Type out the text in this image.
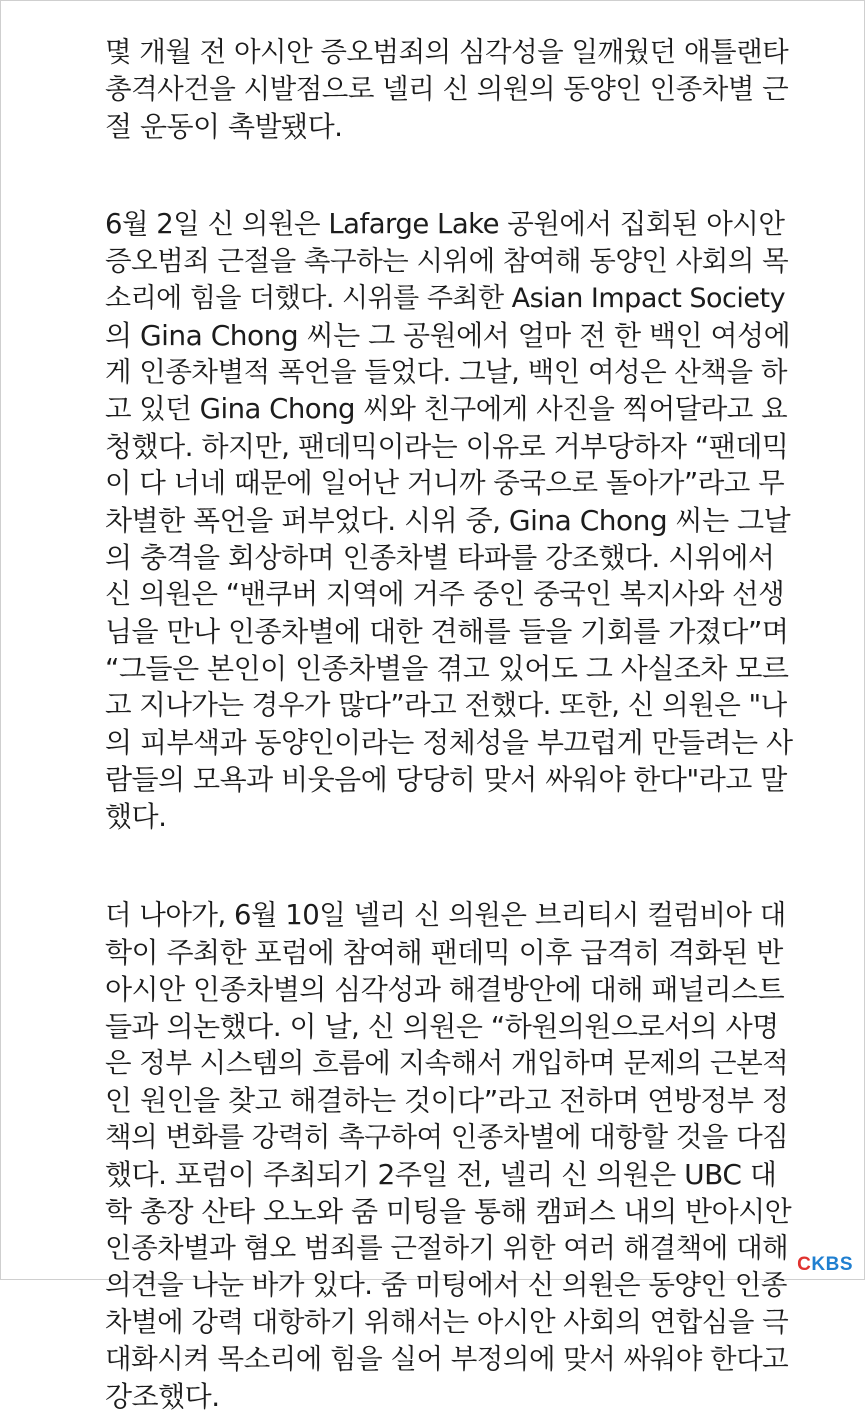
몇 개월 전 아시안 증오범죄의 심각성을 일깨웠던 애틀랜타
총격사건을 시발점으로 넬리 신 의원의 동양인 인종차별 근
절 운동이 촉발됐다.
6월 2일 신 의원은 Lafarge Lake 공원에서 집회된 아시안
증오범죄 근절을 촉구하는 시위에 참여해 동양인 사회의 목
소리에 힘을 더했다. 시위를 주최한 Asian Impact Society
의 Gina Chong 씨는 그 공원에서 얼마 전 한 백인 여성에
게 인종차별적 폭언을 들었다. 그날, 백인 여성은 산책을 하
고 있던 Gina Chong 씨와 친구에게 사진을 찍어달라고 요
청했다. 하지만, 팬데믹이라는 이유로 거부당하자 “팬데믹
이 다 너네 때문에 일어난 거니까 중국으로 돌아가”라고 무
차별한 폭언을 퍼부었다. 시위 중, Gina Chong 씨는 그날
의 충격을 회상하며 인종차별 타파를 강조했다. 시위에서
신 의원은 “밴쿠버 지역에 거주 중인 중국인 복지사와 선생
님을 만나 인종차별에 대한 견해를 들을 기회를 가졌다”며
“그들은 본인이 인종차별을 겪고 있어도 그 사실조차 모르
고 지나가는 경우가 많다”라고 전했다. 또한, 신 의원은 "나
의 피부색과 동양인이라는 정체성을 부끄럽게 만들려는 사
람들의 모욕과 비웃음에 당당히 맞서 싸워야 한다"라고 말
했다.
더 나아가, 6월 10일 넬리 신 의원은 브리티시 컬럼비아 대
학이 주최한 포럼에 참여해 팬데믹 이후 급격히 격화된 반
아시안 인종차별의 심각성과 해결방안에 대해 패널리스트
들과 의논했다. 이 날, 신 의원은 “하원의원으로서의 사명
은 정부 시스템의 흐름에 지속해서 개입하며 문제의 근본적
인 원인을 찾고 해결하는 것이다”라고 전하며 연방정부 정
책의 변화를 강력히 촉구하여 인종차별에 대항할 것을 다짐
했다. 포럼이 주최되기 2주일 전, 넬리 신 의원은 UBC 대
학 총장 산타 오노와 줌 미팅을 통해 캠퍼스 내의 반아시안
인종차별과 혐오 범죄를 근절하기 위한 여러 해결책에 대해
의견을 나눈 바가 있다. 줌 미팅에서 신 의원은 동양인 인종
차별에 강력 대항하기 위해서는 아시안 사회의 연합심을 극
대화시켜 목소리에 힘을 실어 부정의에 맞서 싸워야 한다고
강조했다.
CKBS
